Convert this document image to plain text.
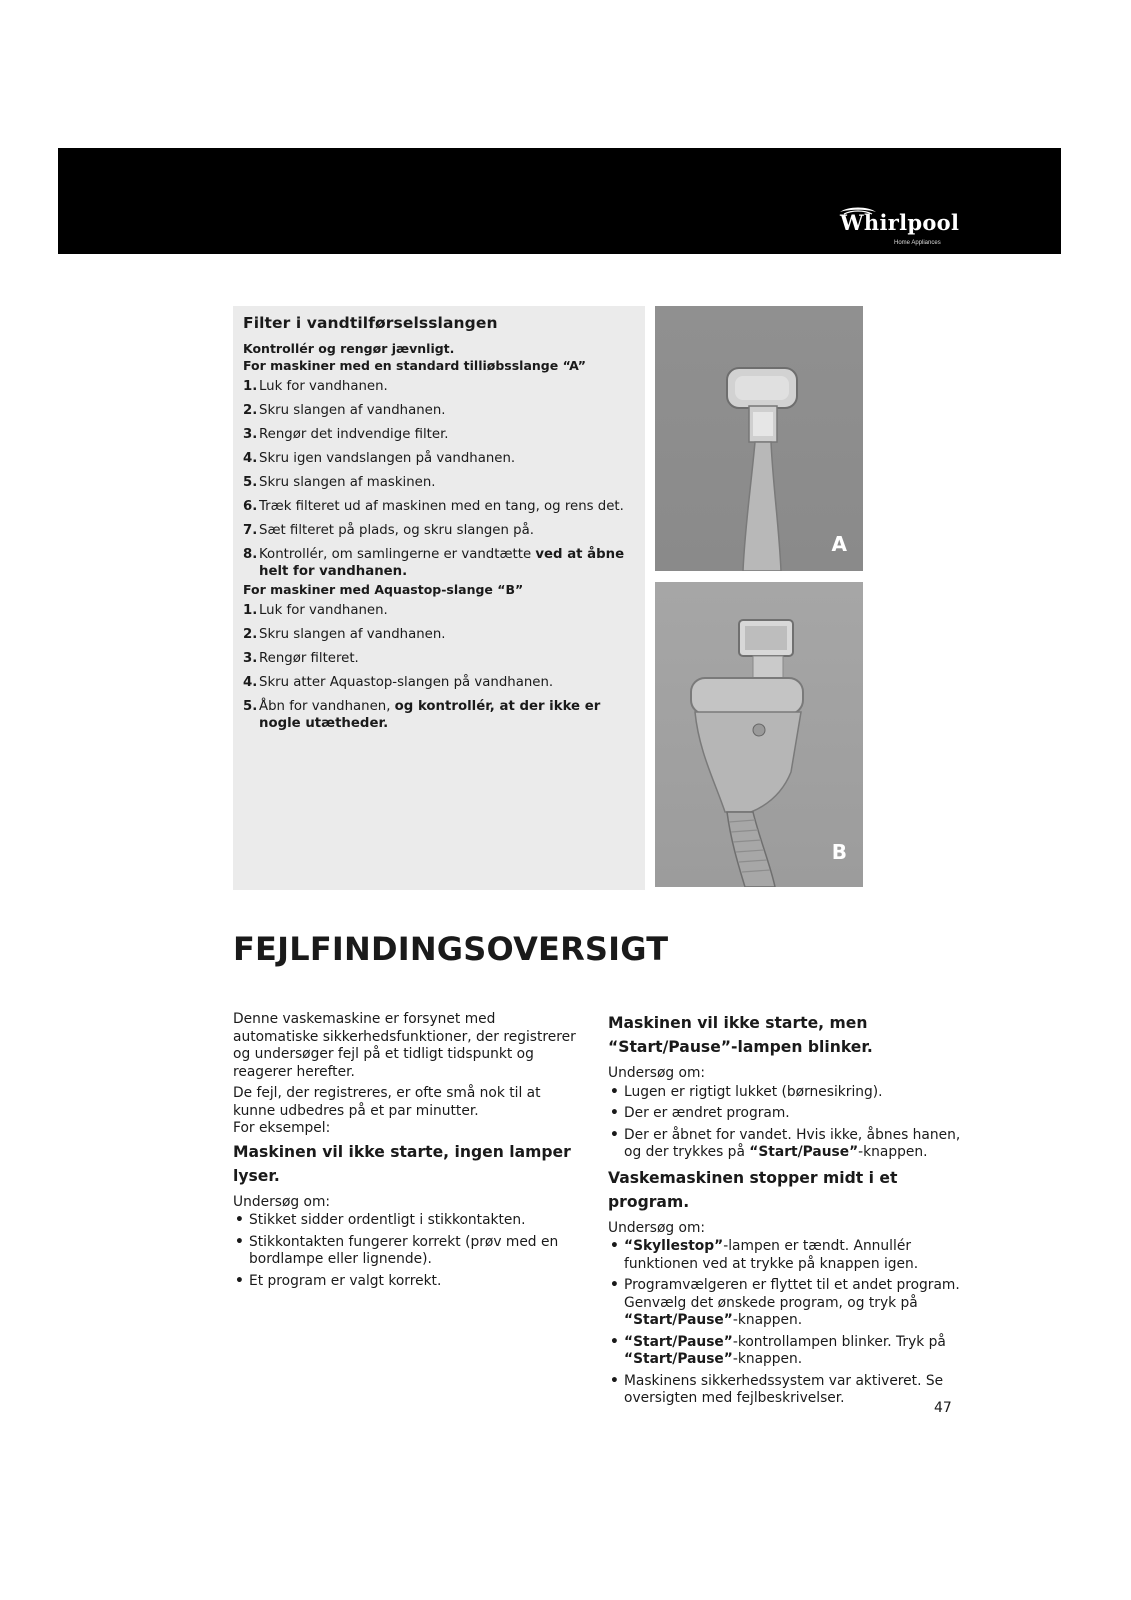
Whirlpool
Home Appliances
Filter i vandtilførselsslangen

Kontrollér og rengør jævnligt.

For maskiner med en standard tilliøbsslange “A”

1. Luk for vandhanen.
2. Skru slangen af vandhanen.
3. Rengør det indvendige filter.
4. Skru igen vandslangen på vandhanen.
5. Skru slangen af maskinen.
6. Træk filteret ud af maskinen med en tang, og rens det.
7. Sæt filteret på plads, og skru slangen på.
8. Kontrollér, om samlingerne er vandtætte ved at åbne helt for vandhanen.

For maskiner med Aquastop-slange “B”

1. Luk for vandhanen.
2. Skru slangen af vandhanen.
3. Rengør filteret.
4. Skru atter Aquastop-slangen på vandhanen.
5. Åbn for vandhanen, og kontrollér, at der ikke er nogle utætheder.
A
B
FEJLFINDINGSOVERSIGT

Denne vaskemaskine er forsynet med automatiske sikkerhedsfunktioner, der registrerer og undersøger fejl på et tidligt tidspunkt og reagerer herefter.

De fejl, der registreres, er ofte små nok til at kunne udbedres på et par minutter.

For eksempel:

Maskinen vil ikke starte, ingen lamper lyser.

Undersøg om:

• Stikket sidder ordentligt i stikkontakten.
• Stikkontakten fungerer korrekt (prøv med en bordlampe eller lignende).
• Et program er valgt korrekt.
Maskinen vil ikke starte, men “Start/Pause”-lampen blinker.

Undersøg om:

• Lugen er rigtigt lukket (børnesikring).
• Der er ændret program.
• Der er åbnet for vandet. Hvis ikke, åbnes hanen, og der trykkes på “Start/Pause”-knappen.
Vaskemaskinen stopper midt i et program.

Undersøg om:

• “Skyllestop”-lampen er tændt. Annullér funktionen ved at trykke på knappen igen.
• Programvælgeren er flyttet til et andet program. Genvælg det ønskede program, og tryk på “Start/Pause”-knappen.
• “Start/Pause”-kontrollampen blinker. Tryk på “Start/Pause”-knappen.
• Maskinens sikkerhedssystem var aktiveret. Se oversigten med fejlbeskrivelser.
47
